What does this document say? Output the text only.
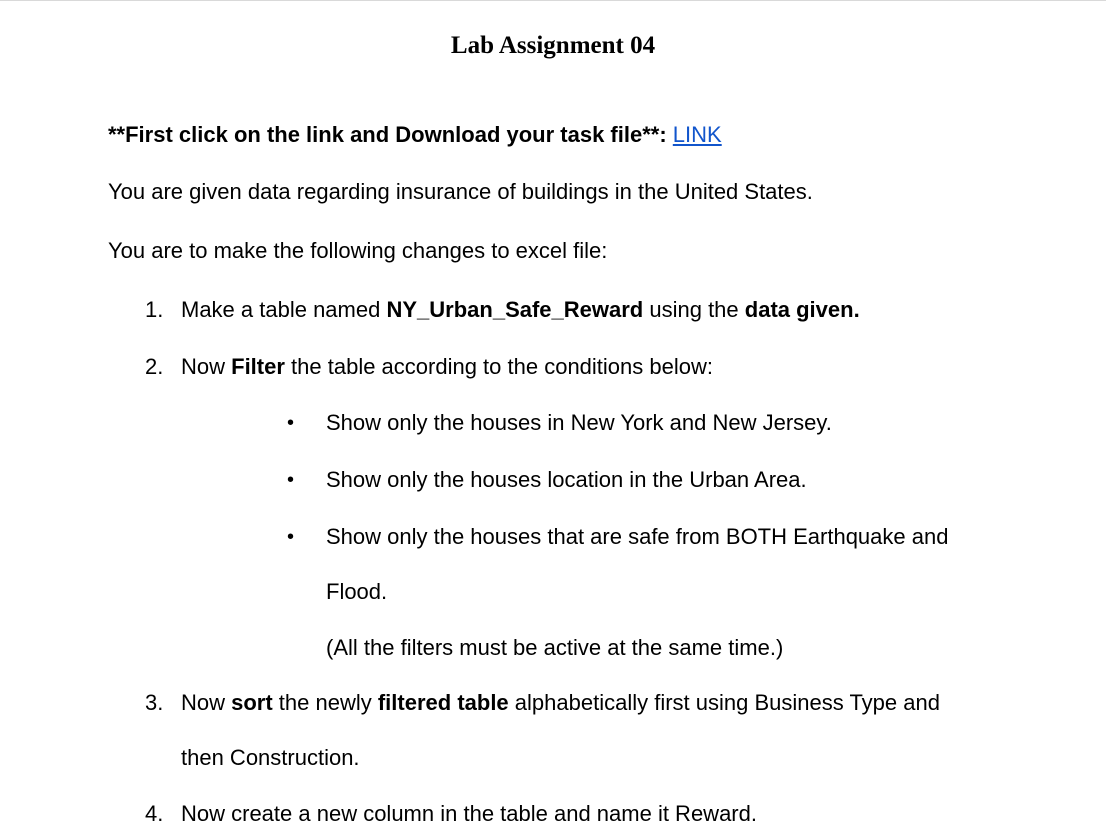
Lab Assignment 04
**First click on the link and Download your task file**: LINK
You are given data regarding insurance of buildings in the United States.
You are to make the following changes to excel file:
1. Make a table named NY_Urban_Safe_Reward using the data given.
2. Now Filter the table according to the conditions below:
• Show only the houses in New York and New Jersey.
• Show only the houses location in the Urban Area.
• Show only the houses that are safe from BOTH Earthquake and
Flood.
(All the filters must be active at the same time.)
3. Now sort the newly filtered table alphabetically first using Business Type and
then Construction.
4. Now create a new column in the table and name it Reward.
